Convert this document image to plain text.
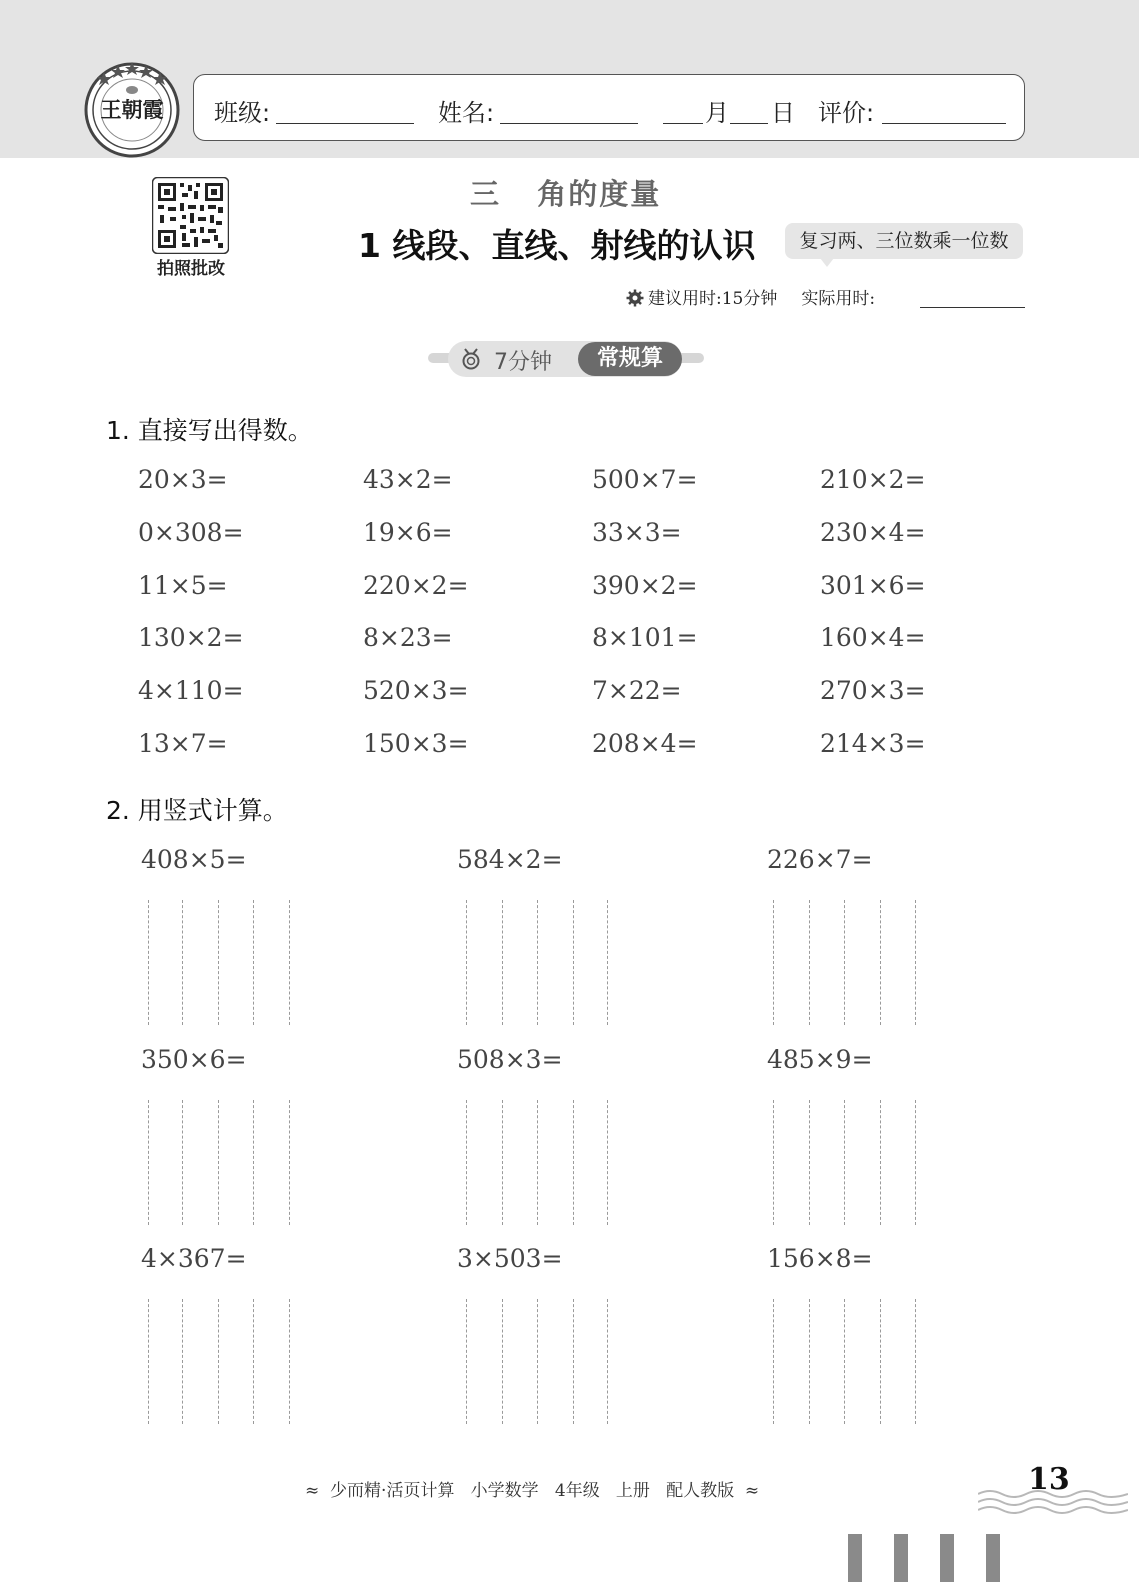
王朝霞 班级:	姓名:	月 日 评价:
拍照批改
三   角的度量
1 线段、直线、射线的认识	复习两、三位数乘一位数
建议用时:15分钟 实际用时:
7分钟	常规算
1. 直接写出得数。
20×3=	43×2=	500×7=	210×2=
0×308=	19×6=	33×3=	230×4=
11×5=	220×2=	390×2=	301×6=
130×2=	8×23=	8×101=	160×4=
4×110=	520×3=	7×22=	270×3=
13×7=	150×3=	208×4=	214×3=
2. 用竖式计算。
408×5=	584×2=	226×7=
350×6=	508×3=	485×9=
4×367=	3×503=	156×8=
≈  少而精·活页计算   小学数学   4年级   上册   配人教版  ≈	13
